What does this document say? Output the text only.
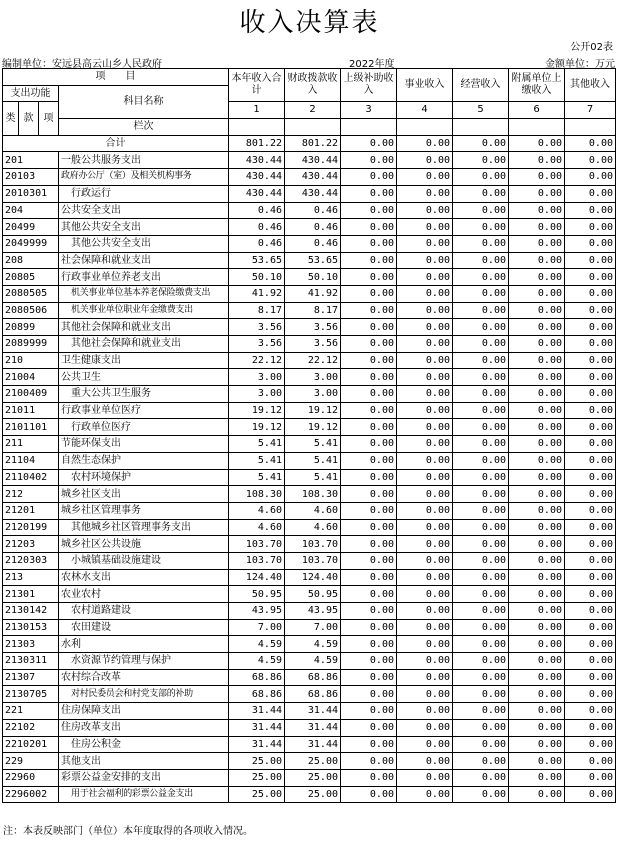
收入决算表
公开02表
编制单位：安远县高云山乡人民政府	2022年度	金额单位：万元
项　　目				本年收入合计	财政拨款收入	上级补助收入	事业收入	经营收入	附属单位上缴收入	其他收入
支出功能			科目名称							
类	款	项		1	2	3	4	5	6	7
			栏次							
合计				801.22	801.22	0.00	0.00	0.00	0.00	0.00
201			一般公共服务支出	430.44	430.44	0.00	0.00	0.00	0.00	0.00
20103			政府办公厅（室）及相关机构事务	430.44	430.44	0.00	0.00	0.00	0.00	0.00
2010301			行政运行	430.44	430.44	0.00	0.00	0.00	0.00	0.00
204			公共安全支出	0.46	0.46	0.00	0.00	0.00	0.00	0.00
20499			其他公共安全支出	0.46	0.46	0.00	0.00	0.00	0.00	0.00
2049999			其他公共安全支出	0.46	0.46	0.00	0.00	0.00	0.00	0.00
208			社会保障和就业支出	53.65	53.65	0.00	0.00	0.00	0.00	0.00
20805			行政事业单位养老支出	50.10	50.10	0.00	0.00	0.00	0.00	0.00
2080505			机关事业单位基本养老保险缴费支出	41.92	41.92	0.00	0.00	0.00	0.00	0.00
2080506			机关事业单位职业年金缴费支出	8.17	8.17	0.00	0.00	0.00	0.00	0.00
20899			其他社会保障和就业支出	3.56	3.56	0.00	0.00	0.00	0.00	0.00
2089999			其他社会保障和就业支出	3.56	3.56	0.00	0.00	0.00	0.00	0.00
210			卫生健康支出	22.12	22.12	0.00	0.00	0.00	0.00	0.00
21004			公共卫生	3.00	3.00	0.00	0.00	0.00	0.00	0.00
2100409			重大公共卫生服务	3.00	3.00	0.00	0.00	0.00	0.00	0.00
21011			行政事业单位医疗	19.12	19.12	0.00	0.00	0.00	0.00	0.00
2101101			行政单位医疗	19.12	19.12	0.00	0.00	0.00	0.00	0.00
211			节能环保支出	5.41	5.41	0.00	0.00	0.00	0.00	0.00
21104			自然生态保护	5.41	5.41	0.00	0.00	0.00	0.00	0.00
2110402			农村环境保护	5.41	5.41	0.00	0.00	0.00	0.00	0.00
212			城乡社区支出	108.30	108.30	0.00	0.00	0.00	0.00	0.00
21201			城乡社区管理事务	4.60	4.60	0.00	0.00	0.00	0.00	0.00
2120199			其他城乡社区管理事务支出	4.60	4.60	0.00	0.00	0.00	0.00	0.00
21203			城乡社区公共设施	103.70	103.70	0.00	0.00	0.00	0.00	0.00
2120303			小城镇基础设施建设	103.70	103.70	0.00	0.00	0.00	0.00	0.00
213			农林水支出	124.40	124.40	0.00	0.00	0.00	0.00	0.00
21301			农业农村	50.95	50.95	0.00	0.00	0.00	0.00	0.00
2130142			农村道路建设	43.95	43.95	0.00	0.00	0.00	0.00	0.00
2130153			农田建设	7.00	7.00	0.00	0.00	0.00	0.00	0.00
21303			水利	4.59	4.59	0.00	0.00	0.00	0.00	0.00
2130311			水资源节约管理与保护	4.59	4.59	0.00	0.00	0.00	0.00	0.00
21307			农村综合改革	68.86	68.86	0.00	0.00	0.00	0.00	0.00
2130705			对村民委员会和村党支部的补助	68.86	68.86	0.00	0.00	0.00	0.00	0.00
221			住房保障支出	31.44	31.44	0.00	0.00	0.00	0.00	0.00
22102			住房改革支出	31.44	31.44	0.00	0.00	0.00	0.00	0.00
2210201			住房公积金	31.44	31.44	0.00	0.00	0.00	0.00	0.00
229			其他支出	25.00	25.00	0.00	0.00	0.00	0.00	0.00
22960			彩票公益金安排的支出	25.00	25.00	0.00	0.00	0.00	0.00	0.00
2296002			用于社会福利的彩票公益金支出	25.00	25.00	0.00	0.00	0.00	0.00	0.00
注：本表反映部门（单位）本年度取得的各项收入情况。
